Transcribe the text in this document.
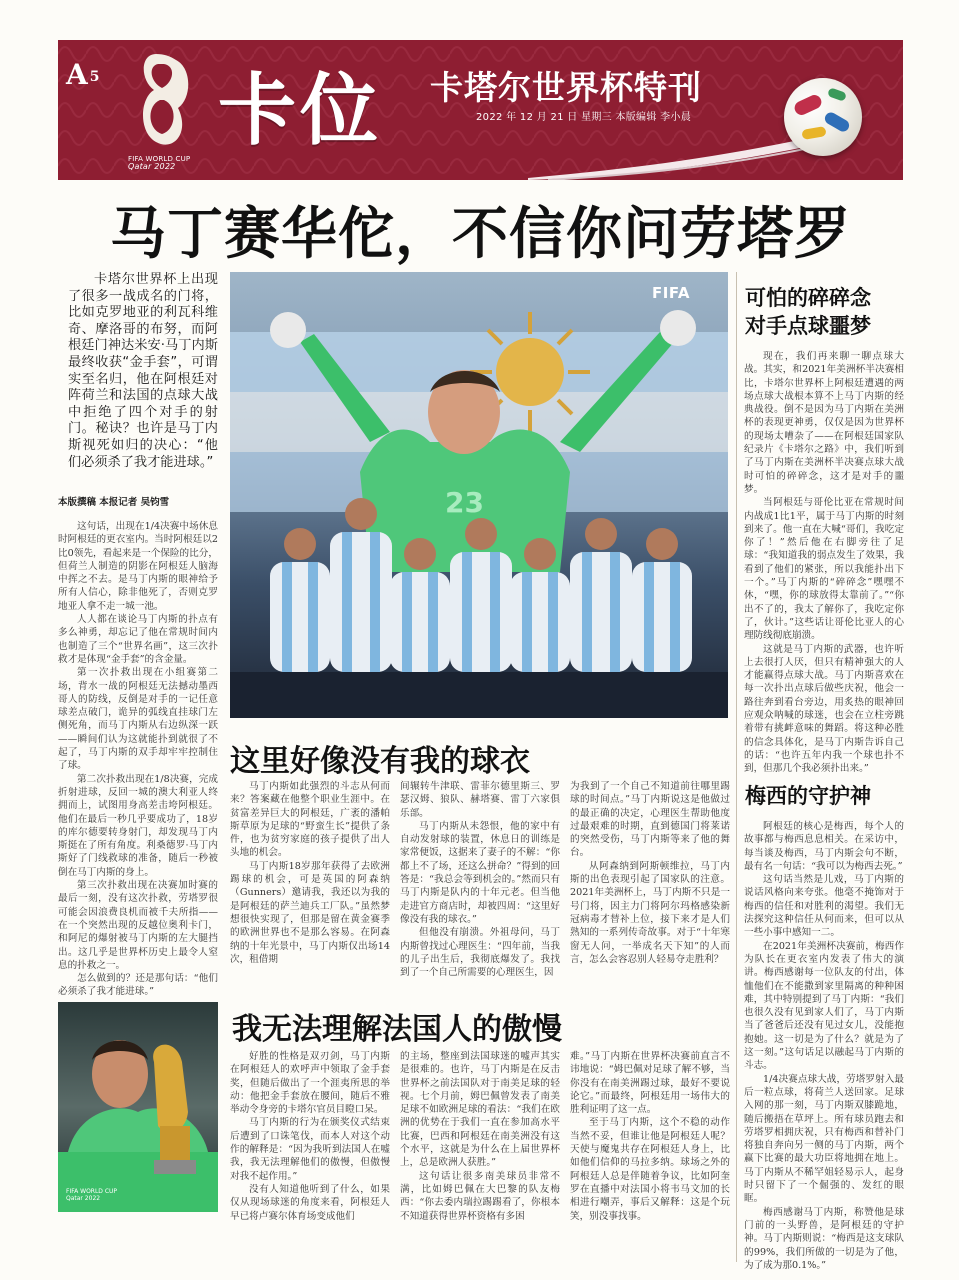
A 5
FIFA WORLD CUP
Qatar 2022
卡位 卡塔尔世界杯特刊
2022 年 12 月 21 日 星期三 本版编辑 李小晨
马丁赛华佗，不信你问劳塔罗
卡塔尔世界杯上出现了很多一战成名的门将，比如克罗地亚的利瓦科维奇、摩洛哥的布努，而阿根廷门神达米安·马丁内斯最终收获“金手套”，可谓实至名归，他在阿根廷对阵荷兰和法国的点球大战中拒绝了四个对手的射门。秘诀？也许是马丁内斯视死如归的决心：“他们必须杀了我才能进球。”
本版撰稿 本报记者 吴钧雪

这句话，出现在1/4决赛中场休息时阿根廷的更衣室内。当时阿根廷以2比0领先，看起来是一个保险的比分，但荷兰人制造的阴影在阿根廷人脑海中挥之不去。是马丁内斯的眼神给予所有人信心，除非他死了，否则克罗地亚人拿不走一城一池。

人人都在谈论马丁内斯的扑点有多么神勇，却忘记了他在常规时间内也制造了三个“世界名画”，这三次扑救才是体现“金手套”的含金量。

第一次扑救出现在小组赛第二场，背水一战的阿根廷无法撼动墨西哥人的防线，反倒是对手的一记任意球差点破门，诡异的弧线直挂球门左侧死角，而马丁内斯从右边纵深一跃——瞬间们认为这就能扑到就很了不起了，马丁内斯的双手却牢牢控制住了球。

第二次扑救出现在1/8决赛，完成折射进球，反回一城的澳大利亚人终拥而上，试图用身高差击垮阿根廷。他们在最后一秒几乎要成功了，18岁的库尔德要转身射门，却发现马丁内斯挺在了所有角度。利桑德罗·马丁内斯好了门线救球的准备，随后一秒被倒在马丁内斯的身上。

第三次扑救出现在决赛加时赛的最后一刻，没有这次扑救，劳塔罗很可能会因浪费良机而被千夫所指——在一个突然出现的反越位奥利卡门，和阿尼的爆射被马丁内斯的左大腿挡出。这几乎是世界杯历史上最令人窒息的扑救之一。

怎么做到的？还是那句话：“他们必须杀了我才能进球。”

23
FIFA	可怕的碎碎念
对手点球噩梦

现在，我们再来聊一聊点球大战。其实，和2021年美洲杯半决赛相比，卡塔尔世界杯上阿根廷遭遇的两场点球大战根本算不上马丁内斯的经典战役。倒不是因为马丁内斯在美洲杯的表现更神勇，仅仅是因为世界杯的现场太嘈杂了——在阿根廷国家队纪录片《卡塔尔之路》中，我们听到了马丁内斯在美洲杯半决赛点球大战时可怕的碎碎念，这才是对手的噩梦。

当阿根廷与哥伦比亚在常规时间内战成1比1平，属于马丁内斯的时刻到来了。他一直在大喊“哥们，我吃定你了！”然后他在右脚旁往了足球：“我知道我的弱点发生了效果，我看到了他们的紧张，所以我能扑出下一个。”马丁内斯的“碎碎念”嘿嘿不休，“嘿，你的球放得太靠前了。”“你出不了的，我太了解你了，我吃定你了，伙计。”这些话让哥伦比亚人的心理防线彻底崩溃。

这就是马丁内斯的武器，也许听上去很打人厌，但只有精神强大的人才能赢得点球大战。马丁内斯喜欢在每一次扑出点球后做些庆祝，他会一路往奔到看台旁边，用炙热的眼神回应观众呐喊的球迷，也会在立柱旁跳着带有挑衅意味的舞蹈。将这种必胜的信念具体化，是马丁内斯告诉自己的话：“也许五年内我一个球也扑不到，但那几个我必须扑出来。”

梅西的守护神

阿根廷的核心是梅西，每个人的故事都与梅西息息相关。在采访中，每当谈及梅西，马丁内斯会句不断，最有名一句话：“我可以为梅西去死。”

这句话当然是儿戏，马丁内斯的说话风格向来夸张。他毫不掩饰对于梅西的信任和对胜利的渴望。我们无法探究这种信任从何而来，但可以从一些小事中感知一二。

在2021年美洲杯决赛前，梅西作为队长在更衣室内发表了伟大的演讲。梅西感谢每一位队友的付出，体恤他们在不能撒到家里隔离的种种困难，其中特别提到了马丁内斯：“我们也很久没有见到家人们了，马丁内斯当了爸爸后还没有见过女儿，没能抱抱她。这一切是为了什么？就是为了这一刻。”这句话足以融起马丁内斯的斗志。

1/4决赛点球大战，劳塔罗射入最后一粒点球，将荷兰人送回家。足球入网的那一刻，马丁内斯双膝跪地，随后搬捂在草坪上。所有球员跑去和劳塔罗相拥庆祝，只有梅西和替补门将独自奔向另一侧的马丁内斯，两个赢下比赛的最大功臣将地拥在地上。马丁内斯从不稀罕姐轻易示人，起身时只留下了一个倔强的、发红的眼眶。

梅西感谢马丁内斯，称赞他是球门前的一头野兽，是阿根廷的守护神。马丁内斯则说：“梅西是这支球队的99%，我们所做的一切是为了他，为了成为那0.1%。”

这里好像没有我的球衣

马丁内斯如此强烈的斗志从何而来？答案藏在他整个职业生涯中。在贫富差异巨大的阿根廷，广袤的潘帕斯草原为足球的“野蛮生长”提供了条件，也为贫穷家庭的孩子提供了出人头地的机会。

马丁内斯18岁那年获得了去欧洲踢球的机会，可是英国的阿森纳（Gunners）邀请我，我还以为我的是阿根廷的萨兰迪兵工厂队。”虽然梦想很快实现了，但那是留在黄金赛季的欧洲世界也不是那么容易。在阿森纳的十年光景中，马丁内斯仅出场14次，租借期

间辗转牛津联、雷菲尔德里斯三、罗瑟汉姆、狼队、赫塔赛、雷丁六家俱乐部。

马丁内斯从未怨恨，他的家中有自动发射球的装置，休息日的训练是家常便饭，这据来了妻子的不解：“你都上不了场，还这么拼命？”得到的回答是：“我总会等到机会的。”然而只有马丁内斯是队内的十年元老。但当他走进官方商店时，却被四周：“这里好像没有我的球衣。”

但他没有崩溃。外祖母问，马丁内斯曾找过心理医生：“四年前，当我的儿子出生后，我彻底爆发了。我找到了一个自己所需要的心理医生，因

为我到了一个自己不知道前往哪里踢球的时间点。”马丁内斯说这是他做过的最正确的决定，心理医生帮助他度过最艰难的时期，直到德国门将莱诺的突然受伤，马丁内斯等来了他的舞台。

从阿森纳到阿斯顿维拉，马丁内斯的出色表现引起了国家队的注意。2021年美洲杯上，马丁内斯不只是一号门将，因主力门将阿尔玛格感染新冠病毒才替补上位，接下来才是人们熟知的一系列传奇故事。对于“十年寒窗无人问，一举成名天下知”的人而言，怎么会容忍别人轻易夺走胜利？

FIFA WORLD CUP
Qatar 2022
我无法理解法国人的傲慢

好胜的性格是双刃剑，马丁内斯在阿根廷人的欢呼声中领取了金手套奖，但随后做出了一个涯夷所思的举动：他把金手套放在腰间，随后不雅举动令身旁的卡塔尔官员目瞪口呆。

马丁内斯的行为在颁奖仪式结束后遭到了口诛笔伐，而本人对这个动作的解释是：“因为我听到法国人在嘘我，我无法理解他们的傲慢，但傲慢对我不起作用。”

没有人知道他听到了什么，如果仅从现场球迷的角度来看，阿根廷人早已将卢赛尔体育场变成他们

的主场，整座到法国球迷的嘘声其实是很难的。也许，马丁内斯是在反击世界杯之前法国队对于南美足球的轻视。七个月前，姆巴佩曾发表了南美足球不如欧洲足球的看法：“我们在欧洲的优势在于我们一直在参加高水平比赛，巴西和阿根廷在南美洲没有这个水平，这就是为什么在上届世界杯上，总是欧洲人获胜。”

这句话让很多南美球员非常不满，比如姆巴佩在大巴黎的队友梅西：“你去委内瑞拉踢踢看了，你根本不知道获得世界杯资格有多困

难。”马丁内斯在世界杯决赛前直言不讳地说：“姆巴佩对足球了解不够，当你没有在南美洲踢过球，最好不要说论它。”而最终，阿根廷用一场伟大的胜利证明了这一点。

至于马丁内斯，这个不稳的动作当然不妥，但谁让他是阿根廷人呢？天使与魔鬼共存在阿根廷人身上，比如他们信仰的马拉多纳。球场之外的阿根廷人总是伴随着争议，比如阿奎罗在直播中对法国小将韦马文加的长相进行嘲弄，事后又解释：这是个玩笑，别没事找事。
